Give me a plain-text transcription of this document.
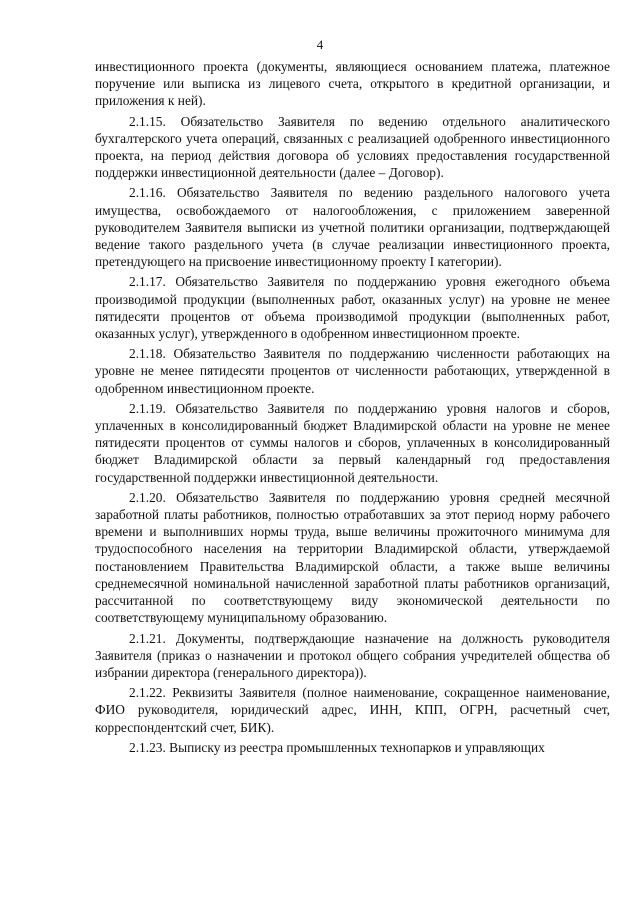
4

инвестиционного проекта (документы, являющиеся основанием платежа, платежное поручение или выписка из лицевого счета, открытого в кредитной организации, и приложения к ней).

2.1.15. Обязательство Заявителя по ведению отдельного аналитического бухгалтерского учета операций, связанных с реализацией одобренного инвестиционного проекта, на период действия договора об условиях предоставления государственной поддержки инвестиционной деятельности (далее – Договор).

2.1.16. Обязательство Заявителя по ведению раздельного налогового учета имущества, освобождаемого от налогообложения, с приложением заверенной руководителем Заявителя выписки из учетной политики организации, подтверждающей ведение такого раздельного учета (в случае реализации инвестиционного проекта, претендующего на присвоение инвестиционному проекту I категории).

2.1.17. Обязательство Заявителя по поддержанию уровня ежегодного объема производимой продукции (выполненных работ, оказанных услуг) на уровне не менее пятидесяти процентов от объема производимой продукции (выполненных работ, оказанных услуг), утвержденного в одобренном инвестиционном проекте.

2.1.18. Обязательство Заявителя по поддержанию численности работающих на уровне не менее пятидесяти процентов от численности работающих, утвержденной в одобренном инвестиционном проекте.

2.1.19. Обязательство Заявителя по поддержанию уровня налогов и сборов, уплаченных в консолидированный бюджет Владимирской области на уровне не менее пятидесяти процентов от суммы налогов и сборов, уплаченных в консолидированный бюджет Владимирской области за первый календарный год предоставления государственной поддержки инвестиционной деятельности.

2.1.20. Обязательство Заявителя по поддержанию уровня средней месячной заработной платы работников, полностью отработавших за этот период норму рабочего времени и выполнивших нормы труда, выше величины прожиточного минимума для трудоспособного населения на территории Владимирской области, утверждаемой постановлением Правительства Владимирской области, а также выше величины среднемесячной номинальной начисленной заработной платы работников организаций, рассчитанной по соответствующему виду экономической деятельности по соответствующему муниципальному образованию.

2.1.21. Документы, подтверждающие назначение на должность руководителя Заявителя (приказ о назначении и протокол общего собрания учредителей общества об избрании директора (генерального директора)).

2.1.22. Реквизиты Заявителя (полное наименование, сокращенное наименование, ФИО руководителя, юридический адрес, ИНН, КПП, ОГРН, расчетный счет, корреспондентский счет, БИК).

2.1.23. Выписку из реестра промышленных технопарков и управляющих
